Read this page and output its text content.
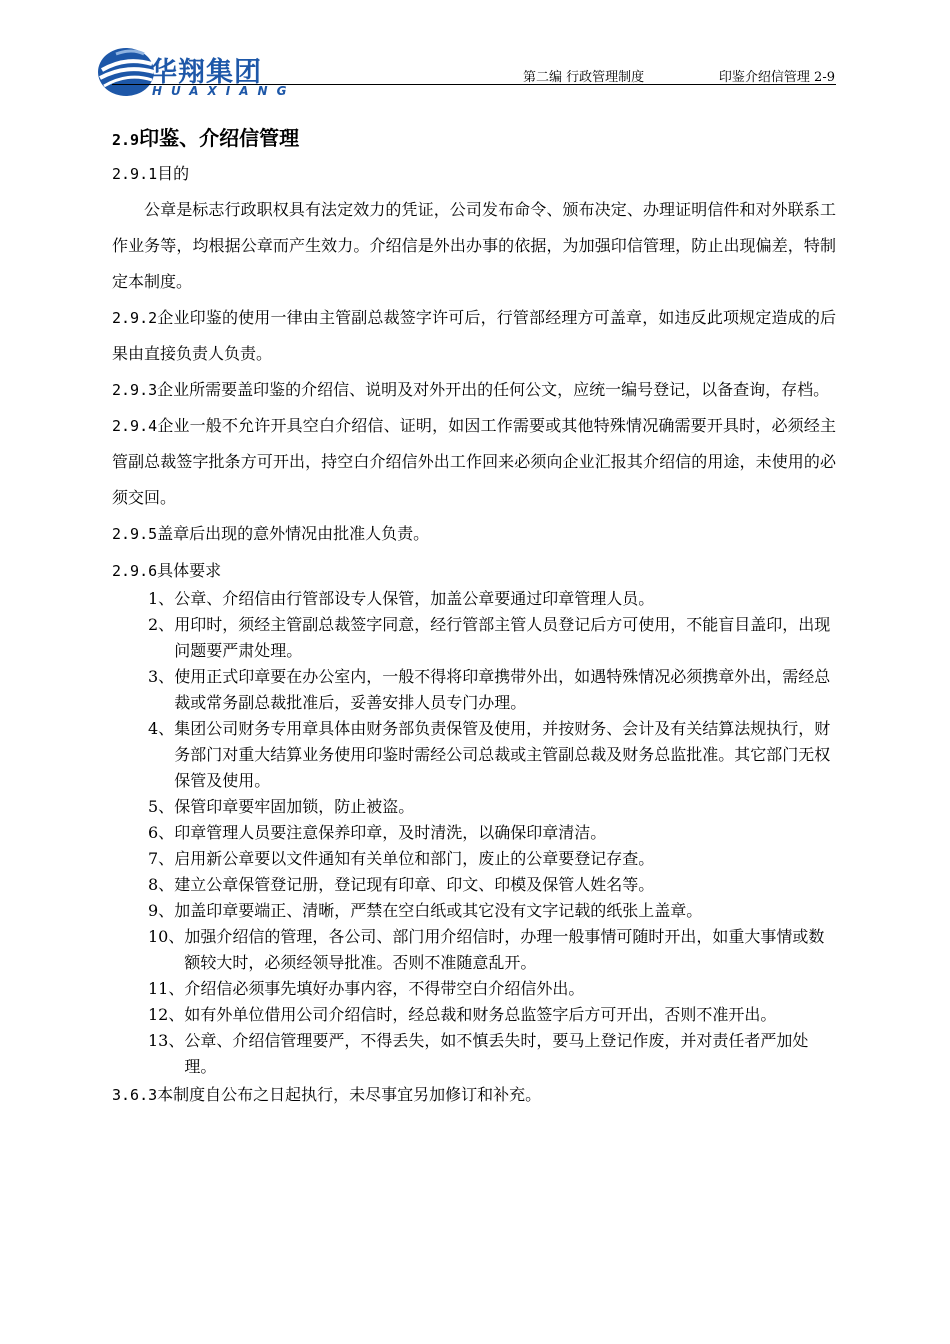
华翔集团
HUAXIANG
第二编 行政管理制度	印鉴介绍信管理 2-9
2.9印鉴、介绍信管理
2.9.1目的
公章是标志行政职权具有法定效力的凭证，公司发布命令、颁布决定、办理证明信件和对外联系工作业务等，均根据公章而产生效力。介绍信是外出办事的依据，为加强印信管理，防止出现偏差，特制定本制度。
2.9.2企业印鉴的使用一律由主管副总裁签字许可后，行管部经理方可盖章，如违反此项规定造成的后果由直接负责人负责。
2.9.3企业所需要盖印鉴的介绍信、说明及对外开出的任何公文，应统一编号登记，以备查询，存档。
2.9.4企业一般不允许开具空白介绍信、证明，如因工作需要或其他特殊情况确需要开具时，必须经主管副总裁签字批条方可开出，持空白介绍信外出工作回来必须向企业汇报其介绍信的用途，未使用的必须交回。
2.9.5盖章后出现的意外情况由批准人负责。
2.9.6具体要求
1、 公章、介绍信由行管部设专人保管，加盖公章要通过印章管理人员。
2、 用印时，须经主管副总裁签字同意，经行管部主管人员登记后方可使用，不能盲目盖印，出现问题要严肃处理。
3、 使用正式印章要在办公室内，一般不得将印章携带外出，如遇特殊情况必须携章外出，需经总裁或常务副总裁批准后，妥善安排人员专门办理。
4、 集团公司财务专用章具体由财务部负责保管及使用，并按财务、会计及有关结算法规执行，财务部门对重大结算业务使用印鉴时需经公司总裁或主管副总裁及财务总监批准。其它部门无权保管及使用。
5、 保管印章要牢固加锁，防止被盗。
6、 印章管理人员要注意保养印章，及时清洗，以确保印章清洁。
7、 启用新公章要以文件通知有关单位和部门，废止的公章要登记存查。
8、 建立公章保管登记册，登记现有印章、印文、印模及保管人姓名等。
9、 加盖印章要端正、清晰，严禁在空白纸或其它没有文字记载的纸张上盖章。
10、 加强介绍信的管理，各公司、部门用介绍信时，办理一般事情可随时开出，如重大事情或数额较大时，必须经领导批准。否则不准随意乱开。
11、 介绍信必须事先填好办事内容，不得带空白介绍信外出。
12、 如有外单位借用公司介绍信时，经总裁和财务总监签字后方可开出，否则不准开出。
13、 公章、介绍信管理要严，不得丢失，如不慎丢失时，要马上登记作废，并对责任者严加处理。
3.6.3本制度自公布之日起执行，未尽事宜另加修订和补充。
